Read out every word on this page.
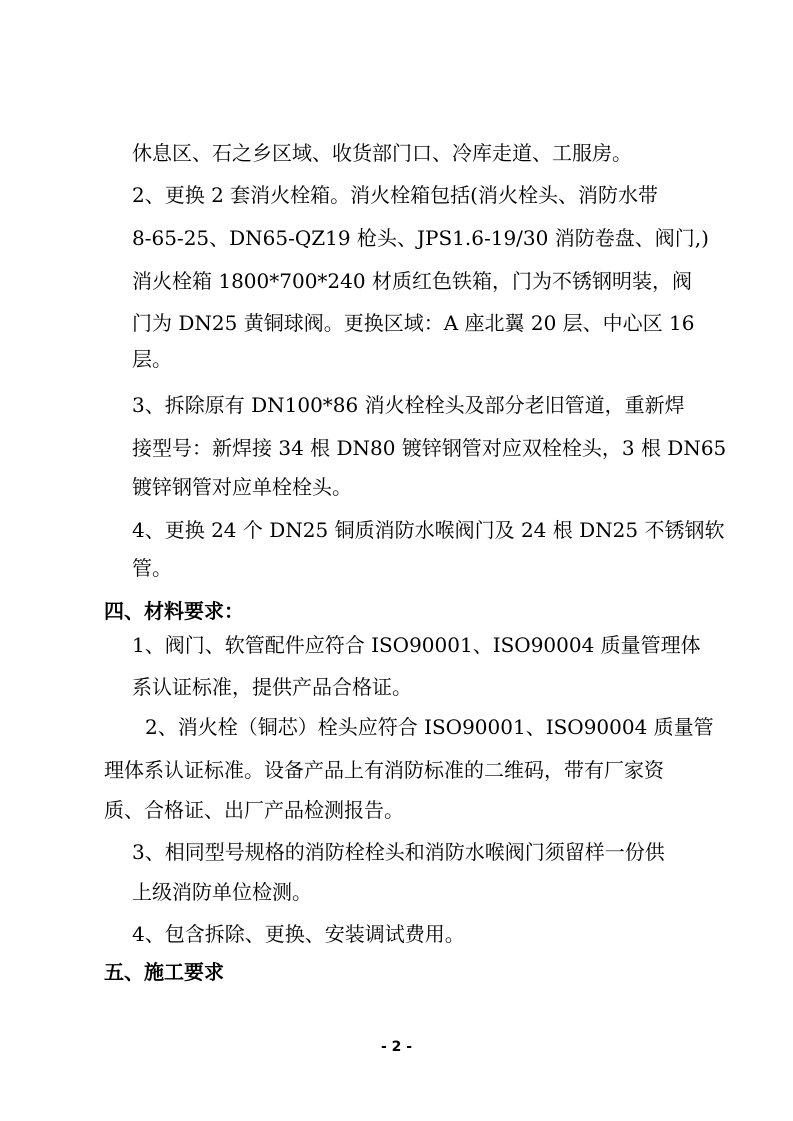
休息区、石之乡区域、收货部门口、冷库走道、工服房。
2、更换 2 套消火栓箱。消火栓箱包括(消火栓头、消防水带
8-65-25、DN65-QZ19 枪头、JPS1.6-19/30 消防卷盘、阀门,)
消火栓箱 1800*700*240 材质红色铁箱，门为不锈钢明装，阀
门为 DN25 黄铜球阀。更换区域：A 座北翼 20 层、中心区 16
层。
3、拆除原有 DN100*86 消火栓栓头及部分老旧管道，重新焊
接型号：新焊接 34 根 DN80 镀锌钢管对应双栓栓头，3 根 DN65
镀锌钢管对应单栓栓头。
4、更换 24 个 DN25 铜质消防水喉阀门及 24 根 DN25 不锈钢软
管。
四、材料要求：
1、阀门、软管配件应符合 ISO90001、ISO90004 质量管理体
系认证标准，提供产品合格证。
2、消火栓（铜芯）栓头应符合 ISO90001、ISO90004 质量管
理体系认证标准。设备产品上有消防标准的二维码，带有厂家资
质、合格证、出厂产品检测报告。
3、相同型号规格的消防栓栓头和消防水喉阀门须留样一份供
上级消防单位检测。
4、包含拆除、更换、安装调试费用。
五、施工要求
- 2 -
